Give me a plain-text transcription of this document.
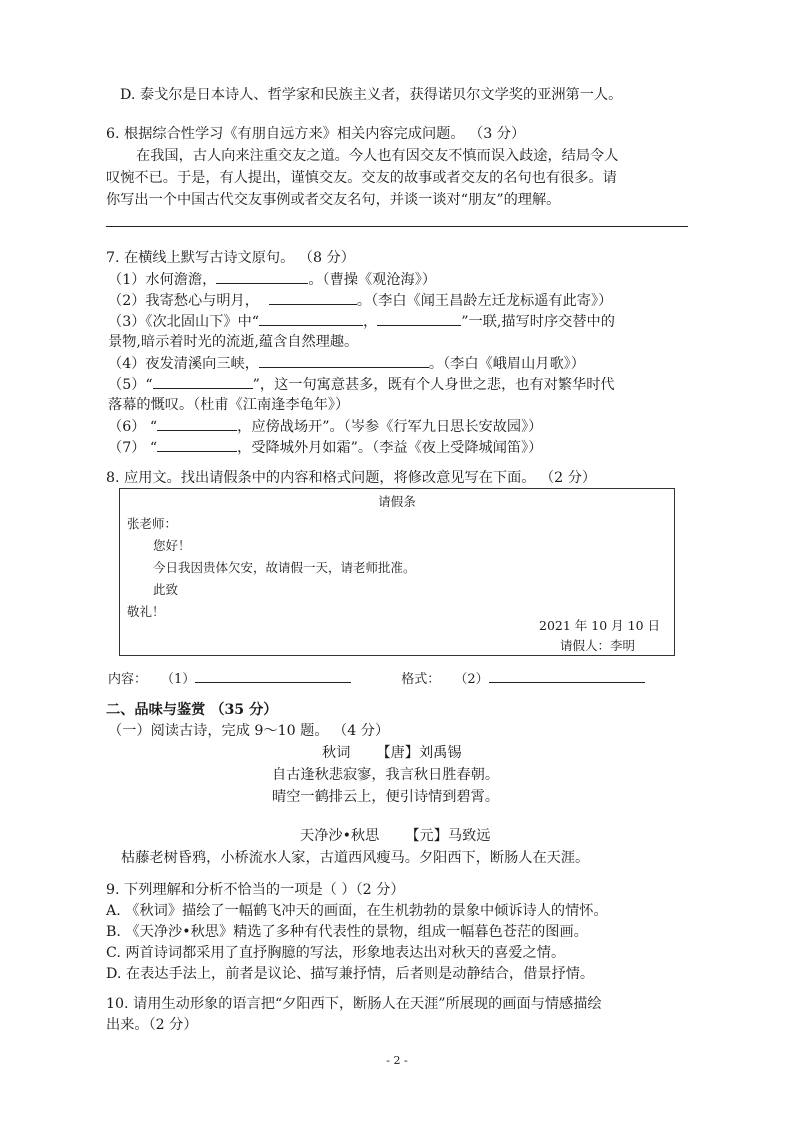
D. 泰戈尔是日本诗人、哲学家和民族主义者，获得诺贝尔文学奖的亚洲第一人。
6. 根据综合性学习《有朋自远方来》相关内容完成问题。 （3 分）
在我国，古人向来注重交友之道。今人也有因交友不慎而误入歧途，结局令人
叹惋不已。于是，有人提出，谨慎交友。交友的故事或者交友的名句也有很多。请
你写出一个中国古代交友事例或者交友名句，并谈一谈对“朋友”的理解。
7. 在横线上默写古诗文原句。 （8 分）
（1）水何澹澹，	。（曹操《观沧海》）
（2）我寄愁心与明月，	。（李白《闻王昌龄左迁龙标遥有此寄》）
（3）《次北固山下》中“	，	”一联,描写时序交替中的
景物,暗示着时光的流逝,蕴含自然理趣。
（4）夜发清溪向三峡，	。（李白《峨眉山月歌》）
（5）“	”，这一句寓意甚多，既有个人身世之悲，也有对繁华时代
落幕的慨叹。（杜甫《江南逢李龟年》）
（6） “	，应傍战场开”。（岑参《行军九日思长安故园》）
（7） “	，受降城外月如霜”。（李益《夜上受降城闻笛》）
8. 应用文。找出请假条中的内容和格式问题，将修改意见写在下面。 （2 分）
请假条
张老师：
您好！
今日我因贵体欠安，故请假一天，请老师批准。
此致
敬礼！
2021 年 10 月 10 日
请假人：李明
内容： （1）	格式： （2）
二、品味与鉴赏 （35 分）
（一）阅读古诗，完成 9～10 题。 （4 分）
秋词 【唐】刘禹锡
自古逢秋悲寂寥，我言秋日胜春朝。
晴空一鹤排云上，便引诗情到碧霄。
天净沙•秋思 【元】马致远
枯藤老树昏鸦，小桥流水人家，古道西风瘦马。夕阳西下，断肠人在天涯。
9. 下列理解和分析不恰当的一项是（ ）（2 分）
A. 《秋词》描绘了一幅鹤飞冲天的画面，在生机勃勃的景象中倾诉诗人的情怀。
B. 《天净沙•秋思》精选了多种有代表性的景物，组成一幅暮色苍茫的图画。
C. 两首诗词都采用了直抒胸臆的写法，形象地表达出对秋天的喜爱之情。
D. 在表达手法上，前者是议论、描写兼抒情，后者则是动静结合，借景抒情。
10. 请用生动形象的语言把“夕阳西下，断肠人在天涯”所展现的画面与情感描绘
出来。（2 分）
- 2 -
